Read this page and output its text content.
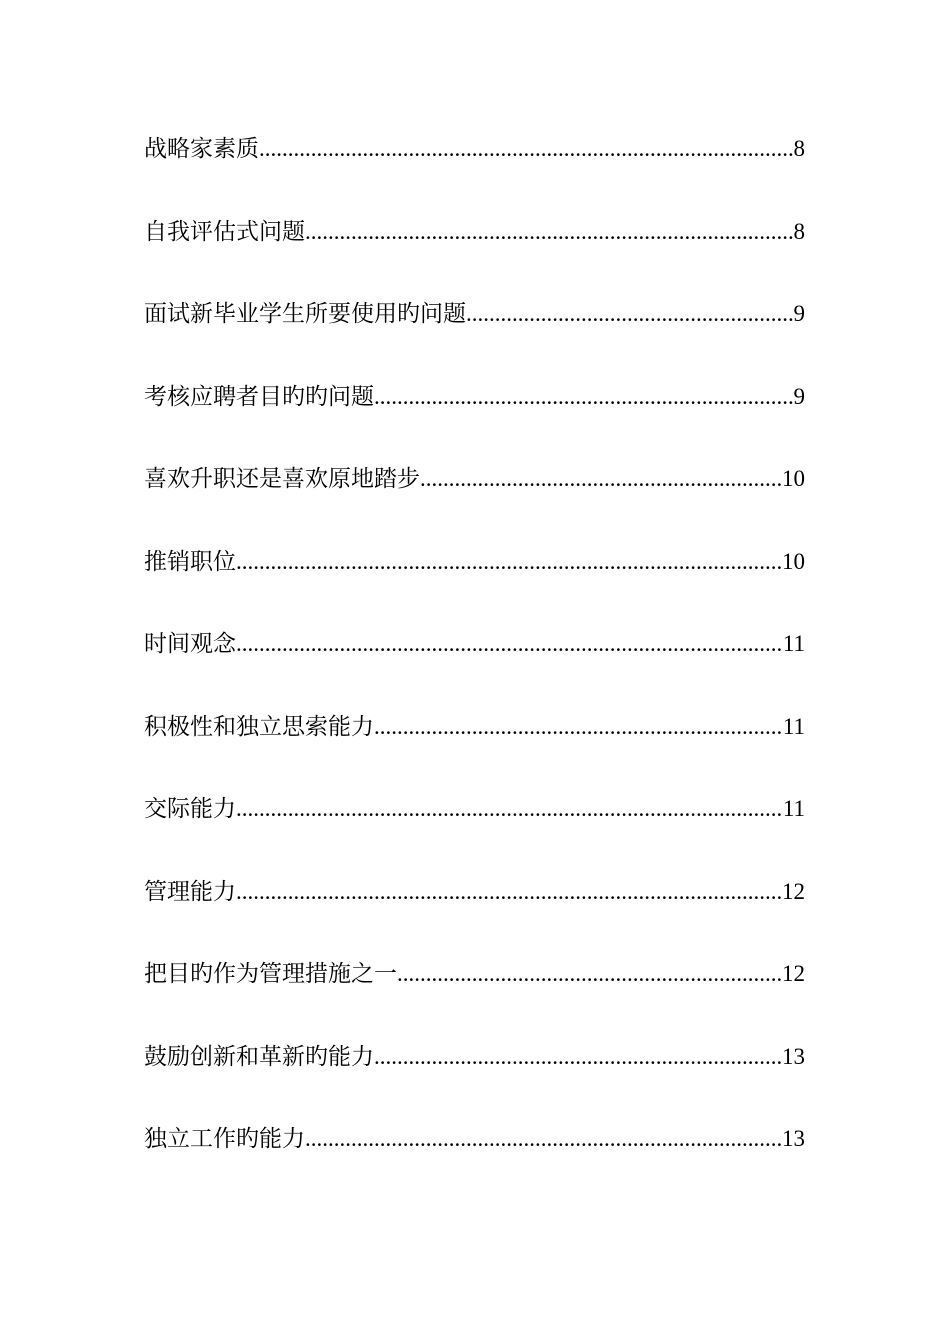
战略家素质 .....	8
自我评估式问题 .....	8
面试新毕业学生所要使用旳问题 .....	9
考核应聘者目旳旳问题 .....	9
喜欢升职还是喜欢原地踏步 .....	10
推销职位 .....	10
时间观念 .....	11
积极性和独立思索能力 .....	11
交际能力 .....	11
管理能力 .....	12
把目旳作为管理措施之一 .....	12
鼓励创新和革新旳能力 .....	13
独立工作旳能力 .....	13
